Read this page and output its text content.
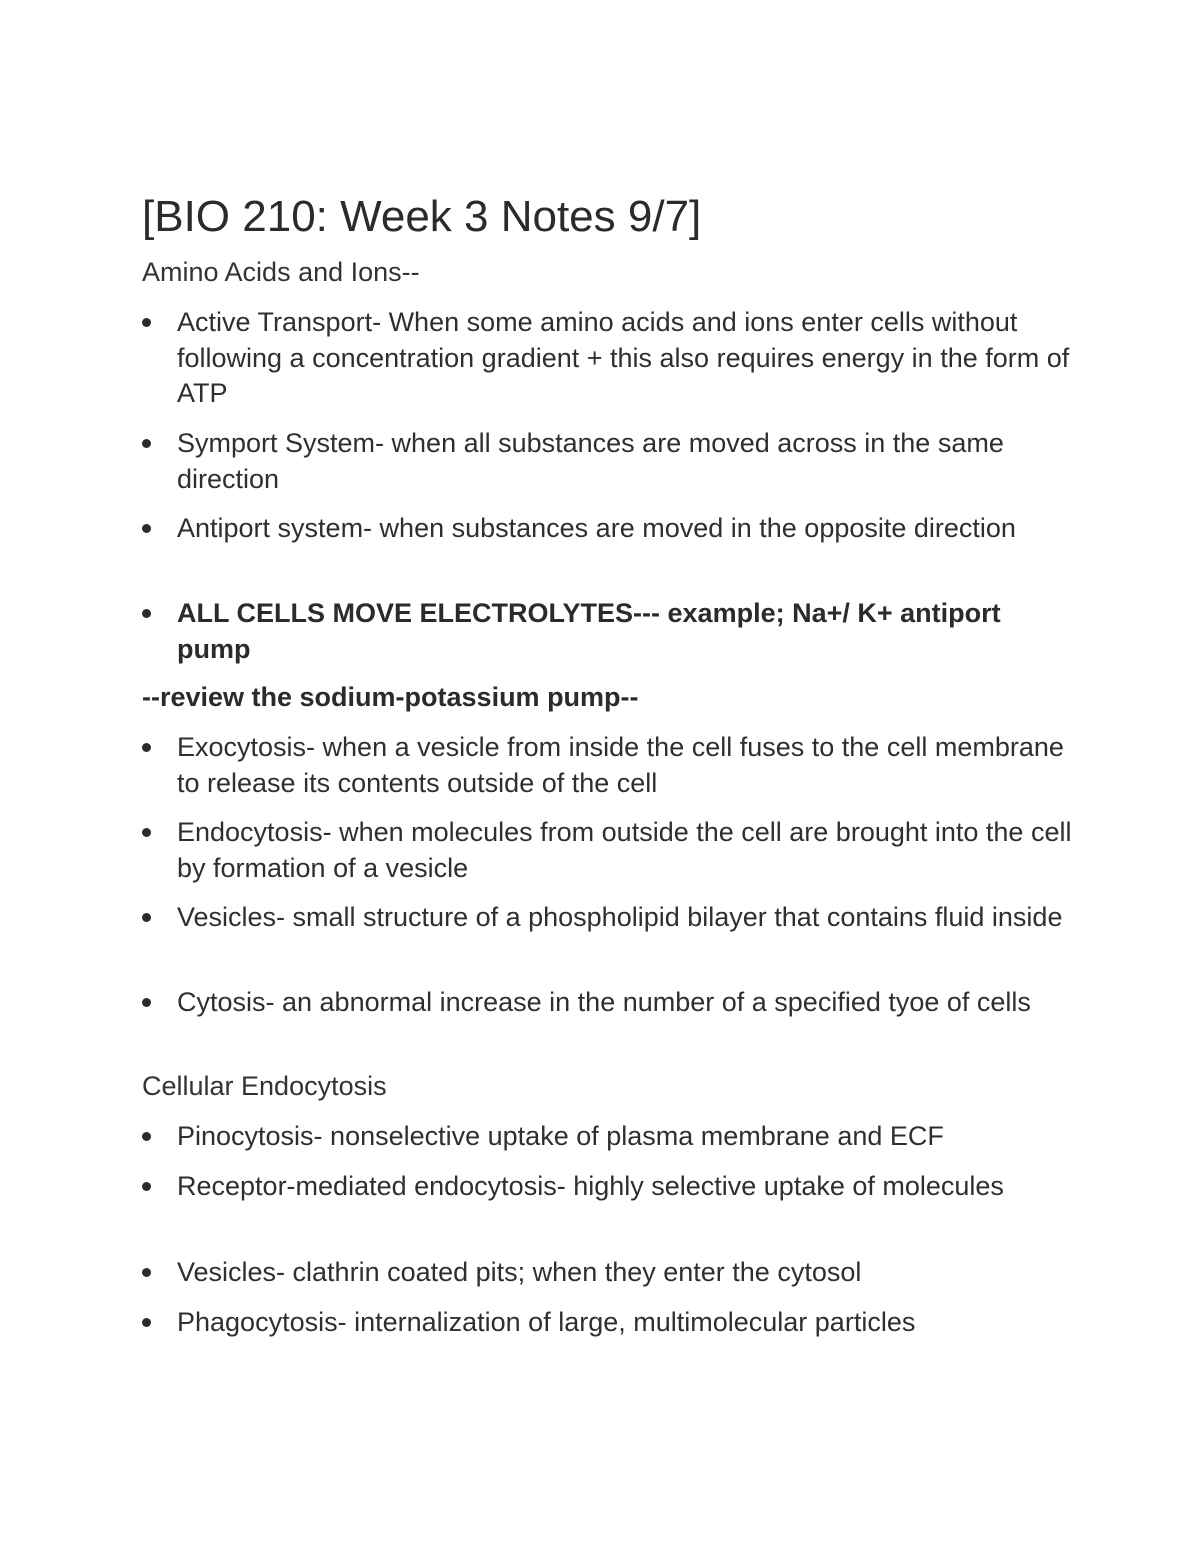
[BIO 210: Week 3 Notes 9/7]

Amino Acids and Ions--

Active Transport- When some amino acids and ions enter cells without following a concentration gradient + this also requires energy in the form of ATP
Symport System- when all substances are moved across in the same direction
Antiport system- when substances are moved in the opposite direction
ALL CELLS MOVE ELECTROLYTES--- example; Na+/ K+ antiport pump

--review the sodium-potassium pump--

Exocytosis- when a vesicle from inside the cell fuses to the cell membrane to release its contents outside of the cell
Endocytosis- when molecules from outside the cell are brought into the cell by formation of a vesicle
Vesicles- small structure of a phospholipid bilayer that contains fluid inside
Cytosis- an abnormal increase in the number of a specified tyoe of cells

Cellular Endocytosis

Pinocytosis- nonselective uptake of plasma membrane and ECF
Receptor-mediated endocytosis- highly selective uptake of molecules
Vesicles- clathrin coated pits; when they enter the cytosol
Phagocytosis- internalization of large, multimolecular particles
